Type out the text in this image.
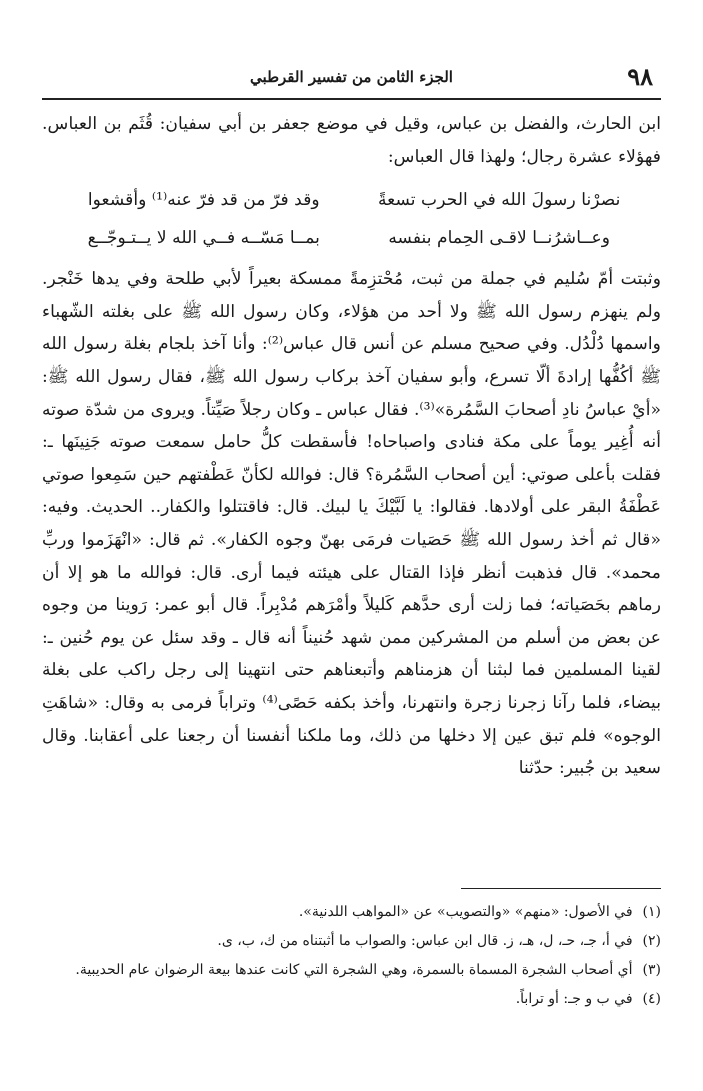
٩٨
الجزء الثامن من تفسير القرطبي

ابن الحارث، والفضل بن عباس، وقيل في موضع جعفر بن أبي سفيان: قُثَم بن العباس. فهؤلاء عشرة رجال؛ ولهذا قال العباس:

نصرْنا رسولَ الله في الحرب تسعةً
وقد فرّ من قد فرّ عنه⁽¹⁾ وأقشعوا
وعــاشرُنــا لاقـى الحِمام بنفسه
بمــا مَسّــه فــي الله لا يــتـوجّــع

وثبتت أمّ سُليم في جملة من ثبت، مُحْتزِمةً ممسكة بعيراً لأبي طلحة وفي يدها خَنْجر. ولم ينهزم رسول الله ﷺ ولا أحد من هؤلاء، وكان رسول الله ﷺ على بغلته الشّهباء واسمها دُلْدُل. وفي صحيح مسلم عن أنس قال عباس⁽²⁾: وأنا آخذ بلجام بغلة رسول الله ﷺ أكُفُّها إرادةَ ألّا تسرع، وأبو سفيان آخذ بركاب رسول الله ﷺ، فقال رسول الله ﷺ: «أيْ عباسُ نادِ أصحابَ السَّمُرة»⁽³⁾. فقال عباس ـ وكان رجلاً صَيِّتاً. ويروى من شدّة صوته أنه أُغِير يوماً على مكة فنادى واصباحاه! فأسقطت كلُّ حامل سمعت صوته جَنِينَها ـ: فقلت بأعلى صوتي: أين أصحاب السَّمُرة؟ قال: فوالله لكأنّ عَطْفتهم حين سَمِعوا صوتي عَطْفَةُ البقر على أولادها. فقالوا: يا لَبَّيْكَ يا لبيك. قال: فاقتتلوا والكفار.. الحديث. وفيه: «قال ثم أخذ رسول الله ﷺ حَصَيات فرمَى بهنّ وجوه الكفار». ثم قال: «انْهَزَموا وربِّ محمد». قال فذهبت أنظر فإذا القتال على هيئته فيما أرى. قال: فوالله ما هو إلا أن رماهم بحَصَياته؛ فما زلت أرى حدَّهم كَليلاً وأمْرَهم مُدْبِراً. قال أبو عمر: رَوينا من وجوه عن بعض من أسلم من المشركين ممن شهد حُنيناً أنه قال ـ وقد سئل عن يوم حُنين ـ: لقينا المسلمين فما لبثنا أن هزمناهم وأتبعناهم حتى انتهينا إلى رجل راكب على بغلة بيضاء، فلما رآنا زجرنا زجرة وانتهرنا، وأخذ بكفه حَصًى⁽⁴⁾ وتراباً فرمى به وقال: «شاهَتِ الوجوه» فلم تبق عين إلا دخلها من ذلك، وما ملكنا أنفسنا أن رجعنا على أعقابنا. وقال سعيد بن جُبير: حدّثنا

(١)في الأصول: «منهم» «والتصويب» عن «المواهب اللدنية».

(٢)في أ، جـ، حـ، ل، هـ، ز. قال ابن عباس: والصواب ما أثبتناه من ك، ب، ى.

(٣)أي أصحاب الشجرة المسماة بالسمرة، وهي الشجرة التي كانت عندها بيعة الرضوان عام الحديبية.

(٤)في ب و جـ: أو تراباً.
